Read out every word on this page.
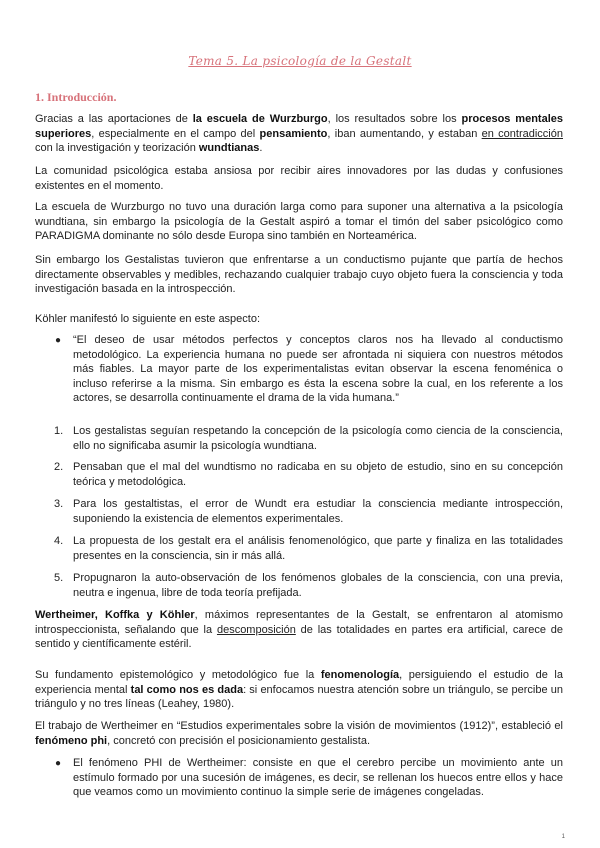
Tema 5. La psicología de la Gestalt
1. Introducción.
Gracias a las aportaciones de la escuela de Wurzburgo, los resultados sobre los procesos mentales superiores, especialmente en el campo del pensamiento, iban aumentando, y estaban en contradicción con la investigación y teorización wundtianas.
La comunidad psicológica estaba ansiosa por recibir aires innovadores por las dudas y confusiones existentes en el momento.
La escuela de Wurzburgo no tuvo una duración larga como para suponer una alternativa a la psicología wundtiana, sin embargo la psicología de la Gestalt aspiró a tomar el timón del saber psicológico como PARADIGMA dominante no sólo desde Europa sino también en Norteamérica.
Sin embargo los Gestalistas tuvieron que enfrentarse a un conductismo pujante que partía de hechos directamente observables y medibles, rechazando cualquier trabajo cuyo objeto fuera la consciencia y toda investigación basada en la introspección.
Köhler manifestó lo siguiente en este aspecto:
● “El deseo de usar métodos perfectos y conceptos claros nos ha llevado al conductismo metodológico. La experiencia humana no puede ser afrontada ni siquiera con nuestros métodos más fiables. La mayor parte de los experimentalistas evitan observar la escena fenoménica o incluso referirse a la misma. Sin embargo es ésta la escena sobre la cual, en los referente a los actores, se desarrolla continuamente el drama de la vida humana.”
1. Los gestalistas seguían respetando la concepción de la psicología como ciencia de la consciencia, ello no significaba asumir la psicología wundtiana.
2. Pensaban que el mal del wundtismo no radicaba en su objeto de estudio, sino en su concepción teórica y metodológica.
3. Para los gestaltistas, el error de Wundt era estudiar la consciencia mediante introspección, suponiendo la existencia de elementos experimentales.
4. La propuesta de los gestalt era el análisis fenomenológico, que parte y finaliza en las totalidades presentes en la consciencia, sin ir más allá.
5. Propugnaron la auto-observación de los fenómenos globales de la consciencia, con una previa, neutra e ingenua, libre de toda teoría prefijada.
Wertheimer, Koffka y Köhler, máximos representantes de la Gestalt, se enfrentaron al atomismo introspeccionista, señalando que la descomposición de las totalidades en partes era artificial, carece de sentido y científicamente estéril.
Su fundamento epistemológico y metodológico fue la fenomenología, persiguiendo el estudio de la experiencia mental tal como nos es dada: si enfocamos nuestra atención sobre un triángulo, se percibe un triángulo y no tres líneas (Leahey, 1980).
El trabajo de Wertheimer en “Estudios experimentales sobre la visión de movimientos (1912)”, estableció el fenómeno phi, concretó con precisión el posicionamiento gestalista.
● El fenómeno PHI de Wertheimer: consiste en que el cerebro percibe un movimiento ante un estímulo formado por una sucesión de imágenes, es decir, se rellenan los huecos entre ellos y hace que veamos como un movimiento continuo la simple serie de imágenes congeladas.
1
